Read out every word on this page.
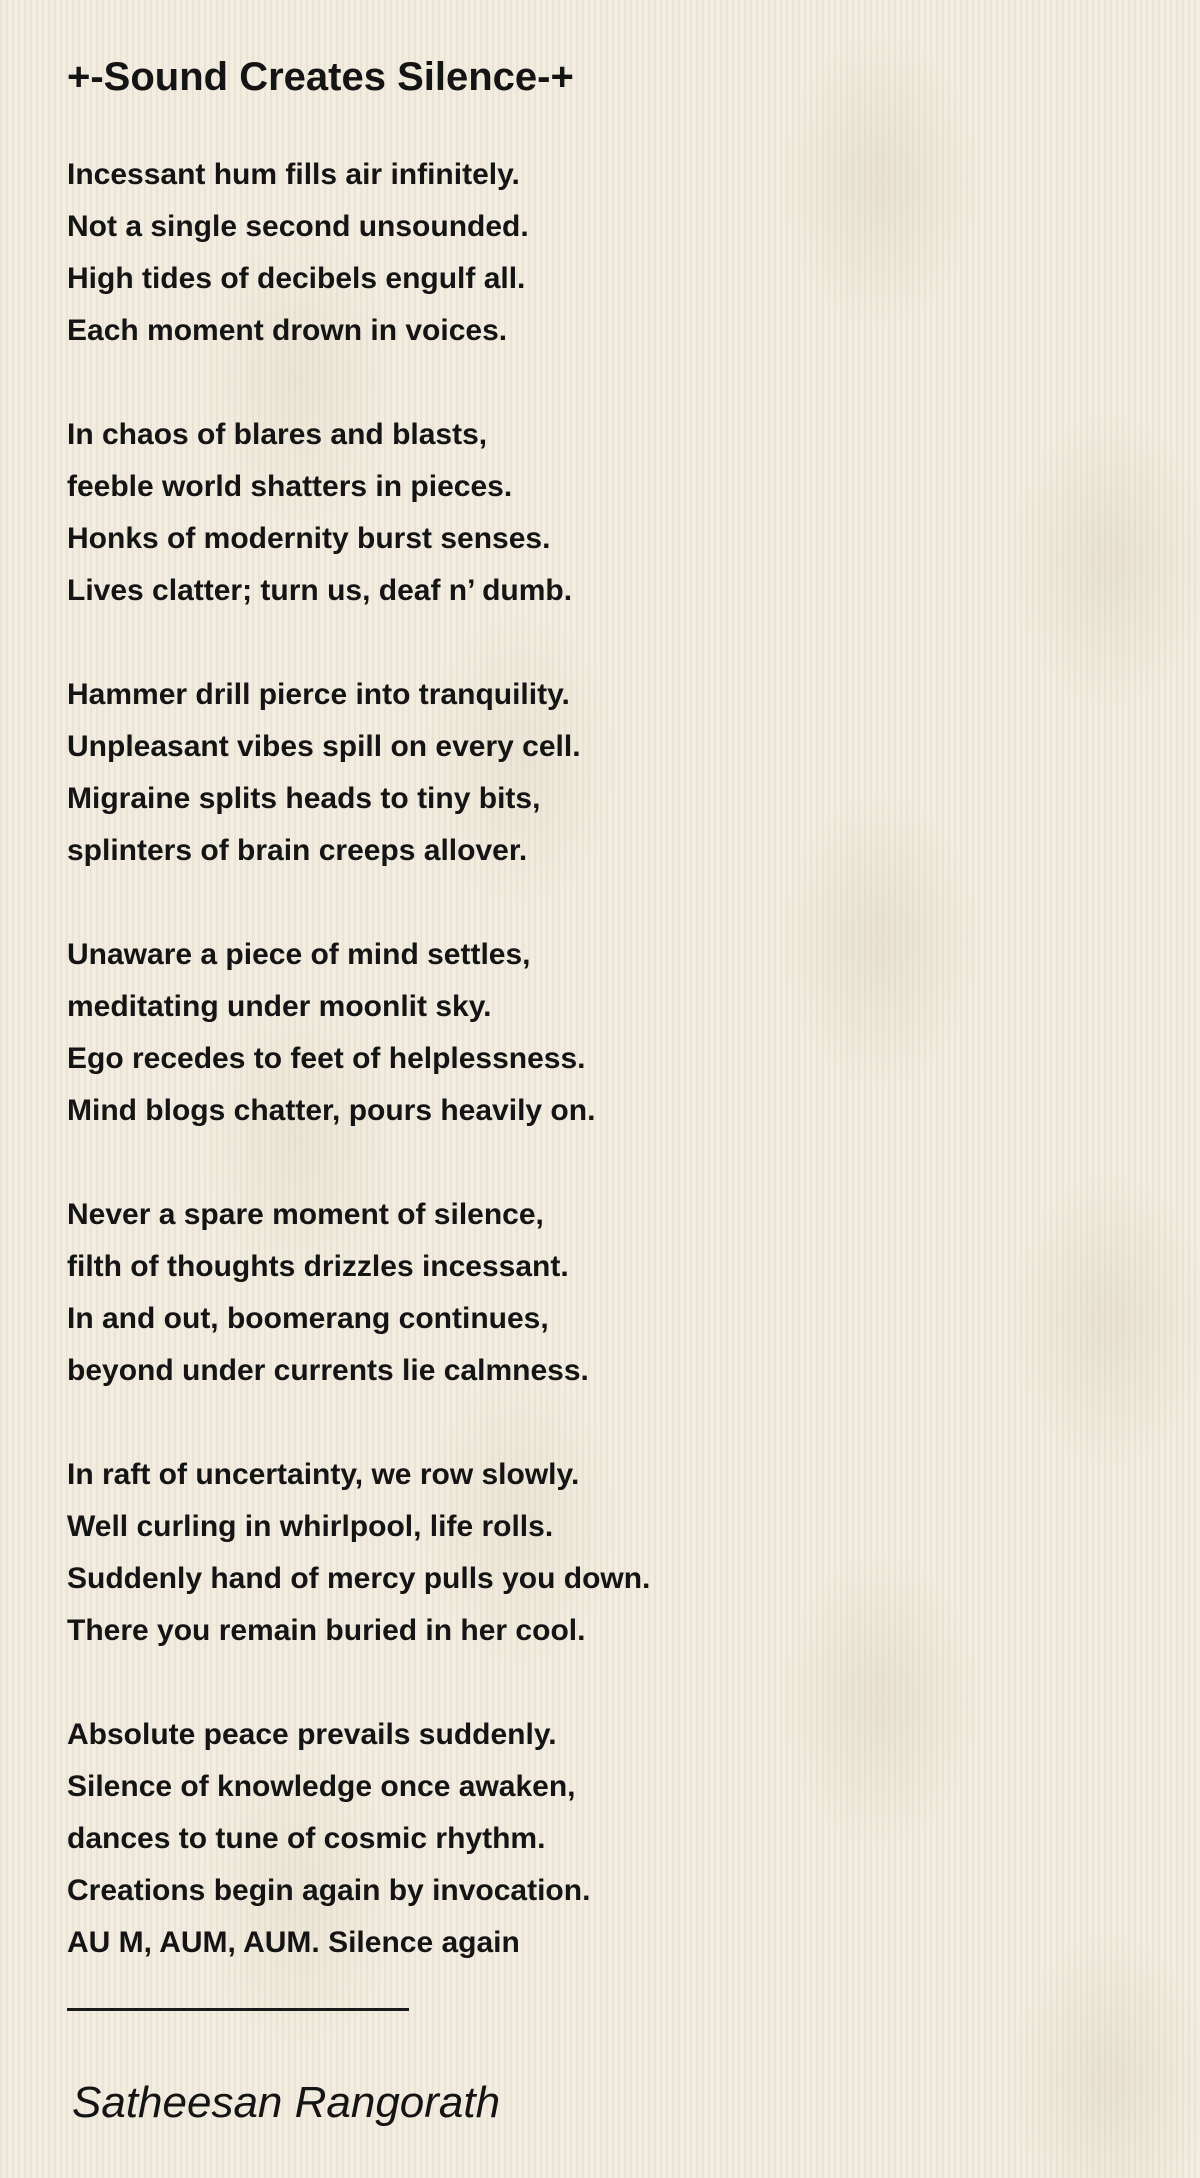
+-Sound Creates Silence-+
Incessant hum fills air infinitely.
Not a single second unsounded.
High tides of decibels engulf all.
Each moment drown in voices.
In chaos of blares and blasts,
feeble world shatters in pieces.
Honks of modernity burst senses.
Lives clatter; turn us, deaf n’ dumb.
Hammer drill pierce into tranquility.
Unpleasant vibes spill on every cell.
Migraine splits heads to tiny bits,
splinters of brain creeps allover.
Unaware a piece of mind settles,
meditating under moonlit sky.
Ego recedes to feet of helplessness.
Mind blogs chatter, pours heavily on.
Never a spare moment of silence,
filth of thoughts drizzles incessant.
In and out, boomerang continues,
beyond under currents lie calmness.
In raft of uncertainty, we row slowly.
Well curling in whirlpool, life rolls.
Suddenly hand of mercy pulls you down.
There you remain buried in her cool.
Absolute peace prevails suddenly.
Silence of knowledge once awaken,
dances to tune of cosmic rhythm.
Creations begin again by invocation.
AU M, AUM, AUM. Silence again
Satheesan Rangorath
